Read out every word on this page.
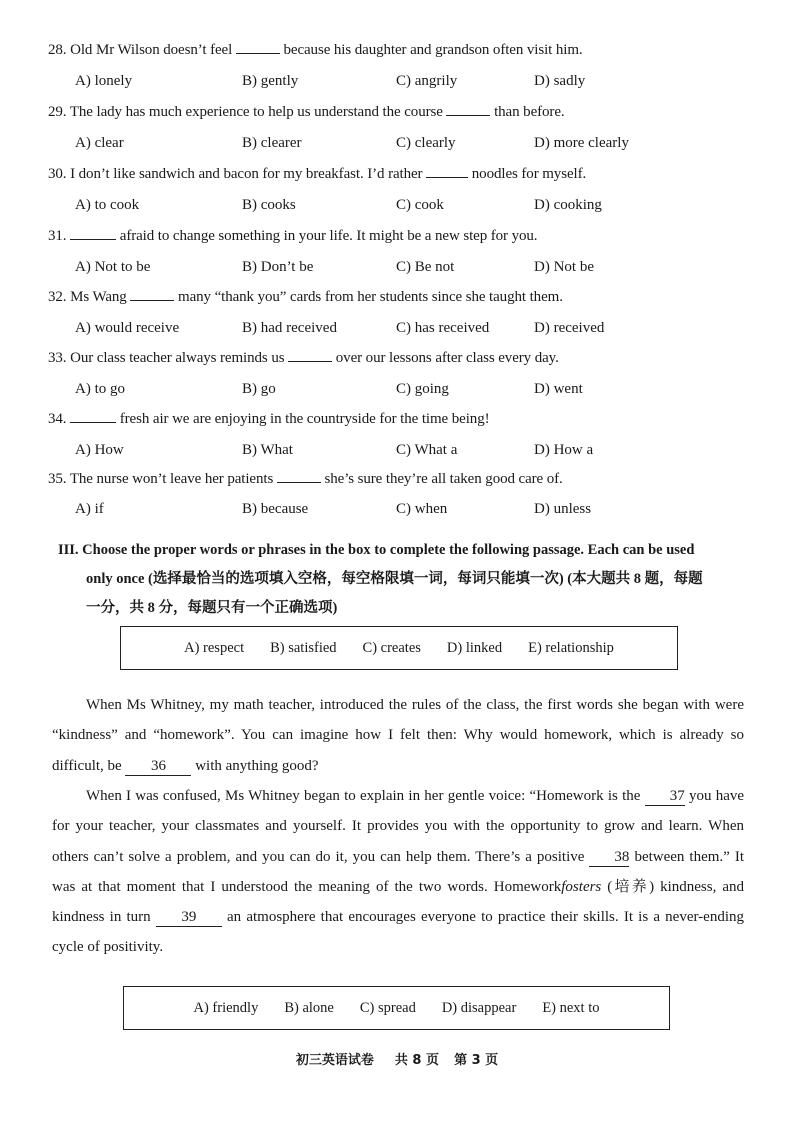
28. Old Mr Wilson doesn’t feel	because his daughter and grandson often visit him.
A) lonely	B) gently	C) angrily	D) sadly
29. The lady has much experience to help us understand the course	than before.
A) clear	B) clearer	C) clearly	D) more clearly
30. I don’t like sandwich and bacon for my breakfast. I’d rather	noodles for myself.
A) to cook	B) cooks	C) cook	D) cooking
31.	afraid to change something in your life. It might be a new step for you.
A) Not to be	B) Don’t be	C) Be not	D) Not be
32. Ms Wang	many “thank you” cards from her students since she taught them.
A) would receive	B) had received	C) has received	D) received
33. Our class teacher always reminds us	over our lessons after class every day.
A) to go	B) go	C) going	D) went
34.	fresh air we are enjoying in the countryside for the time being!
A) How	B) What	C) What a	D) How a
35. The nurse won’t leave her patients	she’s sure they’re all taken good care of.
A) if	B) because	C) when	D) unless
III. Choose the proper words or phrases in the box to complete the following passage. Each can be used
only once (选择最恰当的选项填入空格，每空格限填一词，每词只能填一次) (本大题共 8 题，每题
一分，共 8 分，每题只有一个正确选项)
A) respect B) satisfied C) creates D) linked E) relationship
When Ms Whitney, my math teacher, introduced the rules of the class, the first words she began with were “kindness” and “homework”. You can imagine how I felt then: Why would homework, which is already so difficult, be 36 with anything good?
When I was confused, Ms Whitney began to explain in her gentle voice: “Homework is the 37 you have for your teacher, your classmates and yourself. It provides you with the opportunity to grow and learn. When others can’t solve a problem, and you can do it, you can help them. There’s a positive 38 between them.” It was at that moment that I understood the meaning of the two words. Homeworkfosters (培养) kindness, and kindness in turn 39 an atmosphere that encourages everyone to practice their skills. It is a never-ending cycle of positivity.
A) friendly B) alone C) spread D) disappear E) next to
初三英语试卷 共 8 页 第 3 页
